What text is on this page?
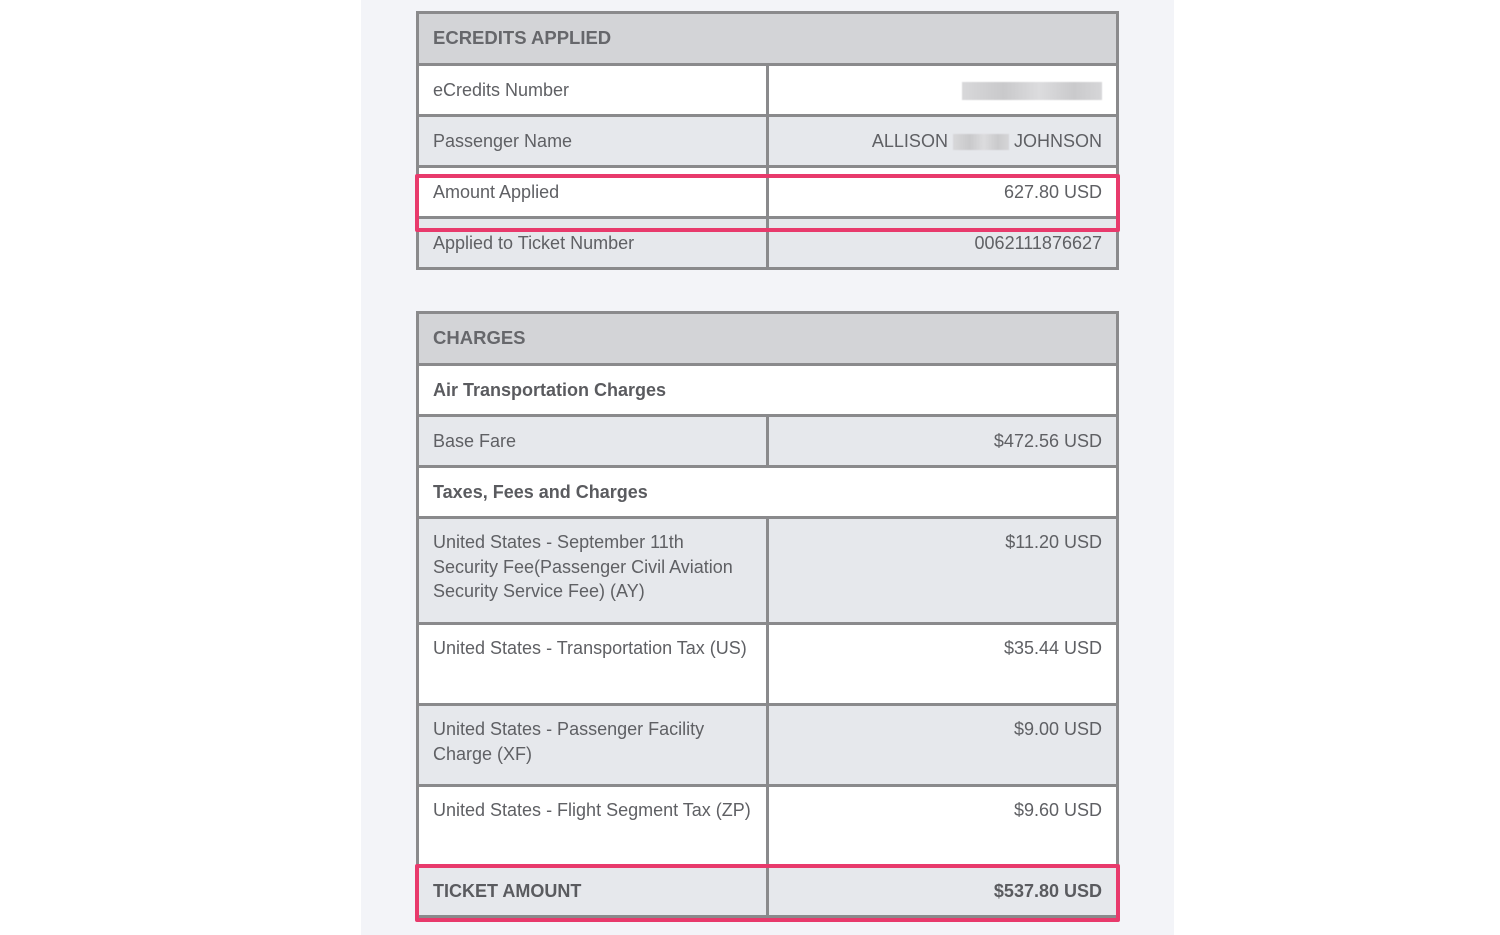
ECREDITS APPLIED	
eCredits Number	
Passenger Name	ALLISON JOHNSON
Amount Applied	627.80 USD
Applied to Ticket Number	0062111876627
CHARGES	
Air Transportation Charges	
Base Fare	$472.56 USD
Taxes, Fees and Charges	
United States - September 11th Security Fee(Passenger Civil Aviation Security Service Fee) (AY)	$11.20 USD
United States - Transportation Tax (US)	$35.44 USD
United States - Passenger Facility Charge (XF)	$9.00 USD
United States - Flight Segment Tax (ZP)	$9.60 USD
TICKET AMOUNT	$537.80 USD
